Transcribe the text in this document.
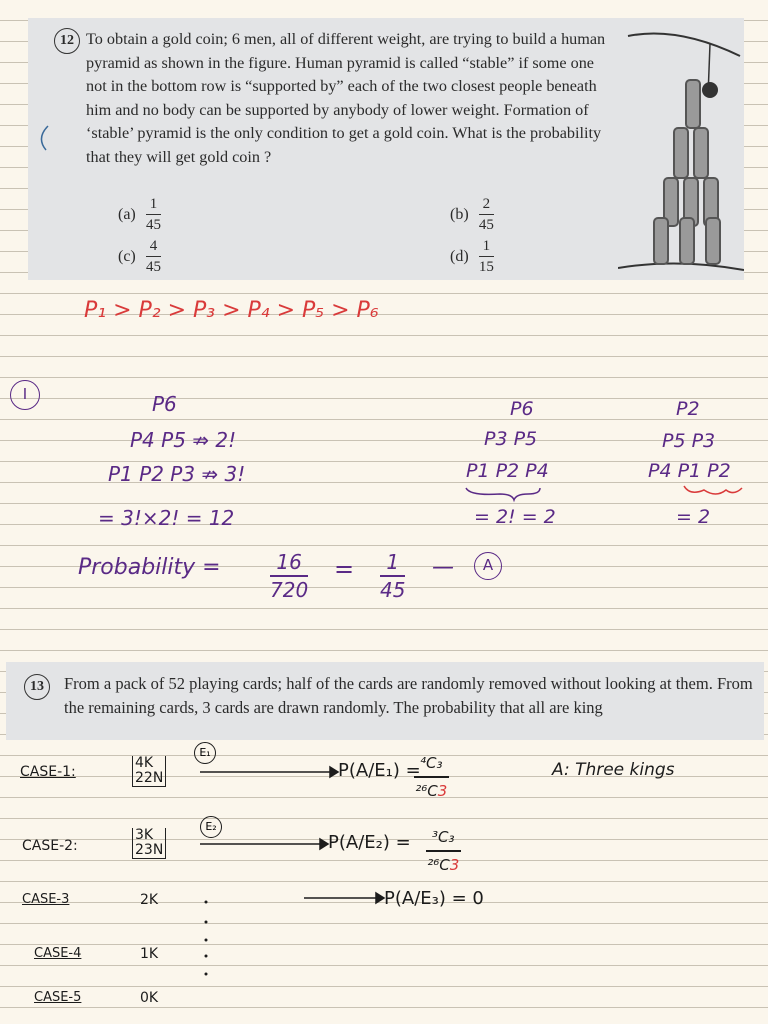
12 To obtain a gold coin; 6 men, all of different weight, are trying to build a human pyramid as shown in the figure. Human pyramid is called “stable” if some one not in the bottom row is “supported by” each of the two closest people beneath him and no body can be supported by anybody of lower weight. Formation of ‘stable’ pyramid is the only condition to get a gold coin. What is the probability that they will get gold coin ?
$(a) \frac{1}{45}$	$(b) \frac{2}{45}$
$(c) \frac{4}{45}$	$(d) \frac{1}{15}$
P₁ > P₂ > P₃ > P₄ > P₅ > P₆
I	P6
P4 P5 ⇏ 2!
P1 P2 P3 ⇏ 3!
= 3!×2! = 12
P6
P3 P5
P1 P2 P4
= 2! = 2
P2
P5 P3
P4 P1 P2
= 2
Probability = $\frac{16}{720} = \frac{1}{45}$ —	A
13	From a pack of 52 playing cards; half of the cards are randomly removed without looking at them. From the remaining cards, 3 cards are drawn randomly. The probability that all are king
CASE-1:
4K
22N
E₁
P(A/E₁) =
$\frac{\text{⁴C₃}}{\text{²⁶C3}}$	A: Three kings
CASE-2:
3K
23N
E₂
$P(A/E_2) = \frac{\text{³C₃}}{\text{²⁶C3}}$
CASE-3	2K	P(A/E₃) = 0
CASE-4	1K
CASE-5	0K
